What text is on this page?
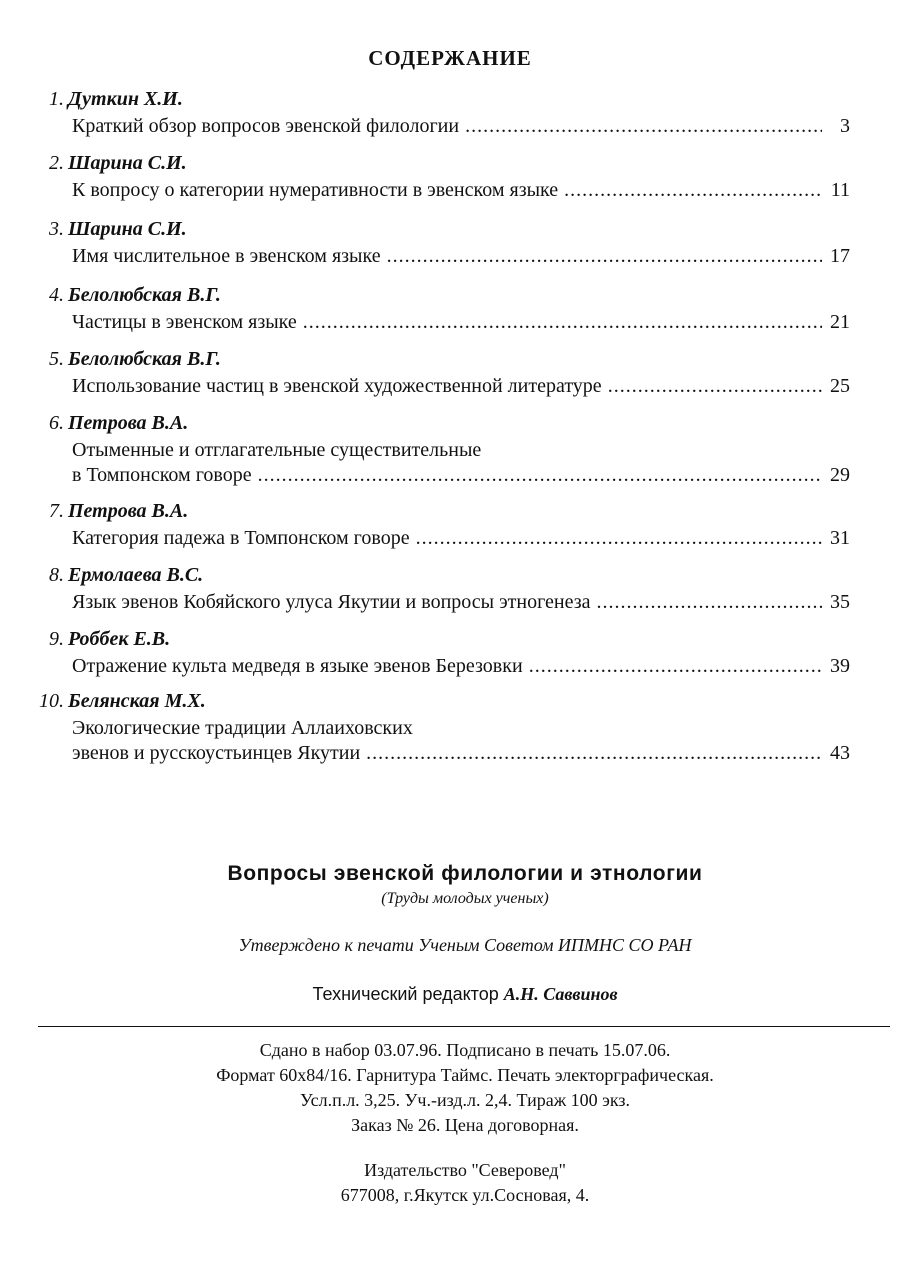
СОДЕРЖАНИЕ
1. Дуткин Х.И.
Краткий обзор вопросов эвенской филологии .....	3
2. Шарина С.И.
К вопросу о категории нумеративности в эвенском языке .....	11
3. Шарина С.И.
Имя числительное в эвенском языке .....	17
4. Белолюбская В.Г.
Частицы в эвенском языке .....	21
5. Белолюбская В.Г.
Использование частиц в эвенской художественной литературе .....	25
6. Петрова В.А.
Отыменные и отглагательные существительные
в Томпонском говоре .....	29
7. Петрова В.А.
Категория падежа в Томпонском говоре .....	31
8. Ермолаева В.С.
Язык эвенов Кобяйского улуса Якутии и вопросы этногенеза .....	35
9. Роббек Е.В.
Отражение культа медведя в языке эвенов Березовки .....	39
10. Белянская М.Х.
Экологические традиции Аллаиховских
эвенов и русскоустьинцев Якутии .....	43
Вопросы эвенской филологии и этнологии
(Труды молодых ученых)
Утверждено к печати Ученым Советом ИПМНС СО РАН
Технический редактор А.Н. Саввинов
Сдано в набор 03.07.96. Подписано в печать 15.07.06.
Формат 60х84/16. Гарнитура Таймс. Печать электорграфическая.
Усл.п.л. 3,25. Уч.-изд.л. 2,4. Тираж 100 экз.
Заказ № 26. Цена договорная.
Издательство "Северовед"
677008, г.Якутск ул.Сосновая, 4.
